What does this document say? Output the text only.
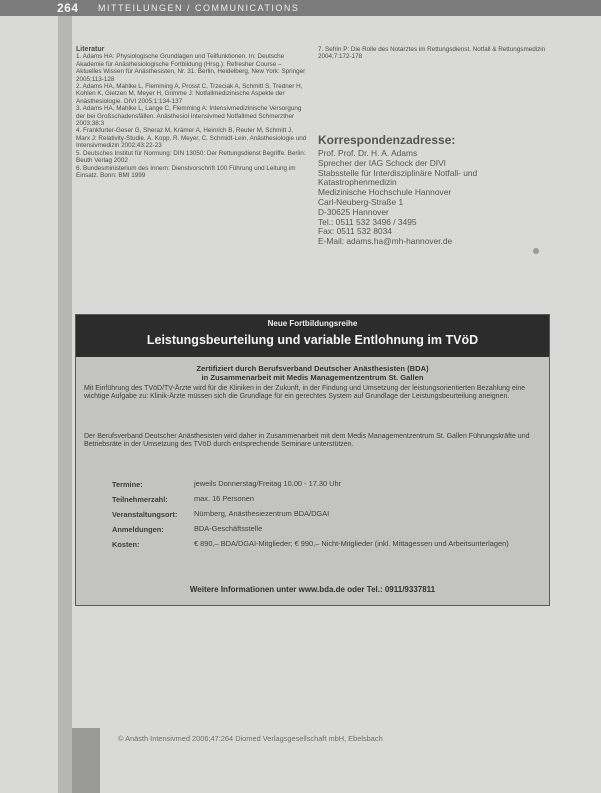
264 MITTEILUNGEN / COMMUNICATIONS

Literatur

1. Adams HA: Physiologische Grundlagen und Teilfunktionen. In: Deutsche Akademie für Anästhesiologische Fortbildung (Hrsg.): Refresher Course – Aktuelles Wissen für Anästhesisten, Nr. 31. Berlin, Heidelberg, New York: Springer 2005;113-128

2. Adams HA, Mahlke L, Flemming A, Prosst C, Trzeciak A, Schmitt S, Tredner H, Kohlen K, Gietzen M, Meyer H, Grimme J: Notfallmedizinische Aspekte der Anästhesiologie. DIVI 2005;1:134-137

3. Adams HA, Mahlke L, Lange C, Flemming A: Intensivmedizinische Versorgung der bei Großschadensfällen. Anästhesiol Intensivmed Notfallmed Schmerzther 2003;38:3

4. Frankfurter-Geser G, Sheraz M, Krämer A, Heinrich B, Reuter M, Schmitt J, Marx J: Relativity-Studie. A. Kopp, R. Meyer, C. Schmidt-Lein, Anästhesiologie und Intensivmedizin 2002;43:22-23

5. Deutsches Institut für Normung: DIN 13050: Der Rettungsdienst Begriffe. Berlin: Beuth Verlag 2002

6. Bundesministerium des Innern: Dienstvorschrift 100 Führung und Leitung im Einsatz. Bonn: BMI 1999

7. Sefrin P: Die Rolle des Notarztes im Rettungsdienst. Notfall & Rettungsmedizin 2004;7:172-178

Korrespondenzadresse:
Prof. Prof. Dr. H. A. Adams
Sprecher der IAG Schock der DIVI
Stabsstelle für Interdisziplinäre Notfall- und
Katastrophenmedizin
Medizinische Hochschule Hannover
Carl-Neuberg-Straße 1
D-30625 Hannover
Tel.: 0511 532 3496 / 3495
Fax: 0511 532 8034
E-Mail: adams.ha@mh-hannover.de
Neue Fortbildungsreihe
Leistungsbeurteilung und variable Entlohnung im TVöD
Zertifiziert durch Berufsverband Deutscher Anästhesisten (BDA)
in Zusammenarbeit mit Medis Managementzentrum St. Gallen
Mit Einführung des TVöD/TV-Ärzte wird für die Kliniken in der Zukunft, in der Findung und Umsetzung der leistungsorientierten Bezahlung eine wichtige Aufgabe zu: Klinik-Ärzte müssen sich die Grundlage für ein gerechtes System auf Grundlage der Leistungsbeurteilung aneignen.
Der Berufsverband Deutscher Anästhesisten wird daher in Zusammenarbeit mit dem Medis Managementzentrum St. Gallen Führungskräfte und Betriebsräte in der Umsetzung des TVöD durch entsprechende Seminare unterstützen.
Termine:	jeweils Donnerstag/Freitag 10.00 - 17.30 Uhr
Teilnehmerzahl:	max. 16 Personen
Veranstaltungsort: Nürnberg, Anästhesiezentrum BDA/DGAI
Anmeldungen:	BDA-Geschäftsstelle
Kosten:	€ 890,– BDA/DGAI-Mitglieder; € 990,– Nicht-Mitglieder (inkl. Mittagessen und Arbeitsunterlagen)
Weitere Informationen unter www.bda.de oder Tel.: 0911/9337811
© Anästh Intensivmed 2006;47:264 Diomed Verlagsgesellschaft mbH, Ebelsbach
